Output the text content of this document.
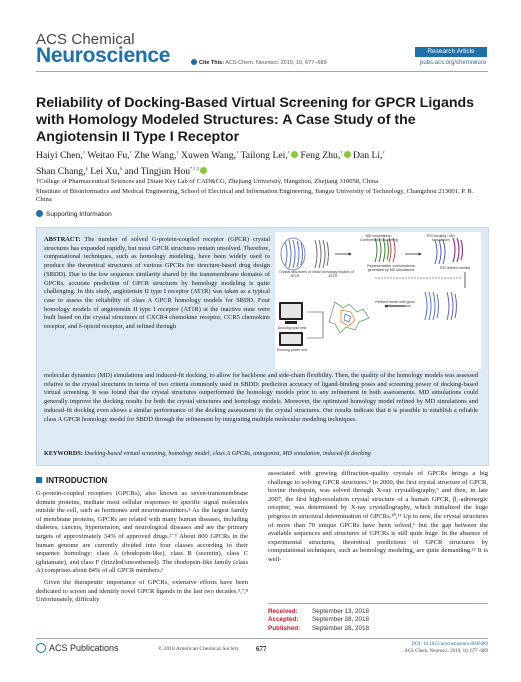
ACS Chemical
Neuroscience	Cite This: ACS Chem. Neurosci. 2019, 10, 677−689
Research Article
pubs.acs.org/chemneuro
Reliability of Docking-Based Virtual Screening for GPCR Ligands with Homology Modeled Structures: A Case Study of the Angiotensin II Type I Receptor
Haiyi Chen,† Weitao Fu,† Zhe Wang,† Xuwen Wang,† Tailong Lei,† Feng Zhu,† Dan Li,†
Shan Chang,§ Lei Xu,§ and Tingjun Hou*,†,‡

†College of Pharmaceutical Sciences and ‡State Key Lab of CAD&CG, Zhejiang University, Hangzhou, Zhejiang 310058, China

§Institute of Bioinformatics and Medical Engineering, School of Electrical and Information Engineering, Jiangsu University of Technology, Changzhou 213001, P. R. China

Supporting Information
ABSTRACT: The number of solved G-protein-coupled receptor (GPCR) crystal structures has expanded rapidly, but most GPCR structures remain unsolved. Therefore, computational techniques, such as homology modeling, have been widely used to produce the theoretical structures of various GPCRs for structure-based drug design (SBDD). Due to the low sequence similarity shared by the transmembrane domains of GPCRs, accurate prediction of GPCR structures by homology modeling is quite challenging. In this study, angiotensin II type I receptor (AT1R) was taken as a typical case to assess the reliability of class A GPCR homology models for SBDD. Four homology models of angiotensin II type I receptor (AT1R) at the inactive state were built based on the crystal structures of CXCR4 chemokine receptor, CCR5 chemokine receptor, and δ-opioid receptor, and refined through
Crystal structures of AT1R
Initial homology models of AT1R
MD simulations / Conformation clustering
IFD docking / MD simulations
Representative conformations generated by MD simulations	IFD refined models
Refined model with good performance
Docking pose test
Docking power test
molecular dynamics (MD) simulations and induced-fit docking, to allow for backbone and side-chain flexibility. Then, the quality of the homology models was assessed relative to the crystal structures in terms of two criteria commonly used in SBDD: prediction accuracy of ligand-binding poses and screening power of docking-based virtual screening. It was found that the crystal structures outperformed the homology models prior to any refinement in both assessments. MD simulations could generally improve the docking results for both the crystal structures and homology models. Moreover, the optimized homology model refined by MD simulations and induced-fit docking even shows a similar performance of the docking assessment to the crystal structures. Our results indicate that it is possible to establish a reliable class A GPCR homology model for SBDD through the refinement by integrating multiple molecular modeling techniques.
KEYWORDS: Docking-based virtual screening, homology model, class A GPCRs, antagonist, MD simulation, induced-fit docking
INTRODUCTION

G-protein-coupled receptors (GPCRs), also known as seven-transmembrane domain proteins, mediate most cellular responses to specific signal molecules outside the cell, such as hormones and neurotransmitters.¹ As the largest family of membrane proteins, GPCRs are related with many human diseases, including diabetes, cancers, hypertension, and neurological diseases and are the primary targets of approximately 34% of approved drugs.²⁻⁵ About 800 GPCRs in the human genome are currently divided into four classes according to their sequence homology: class A (rhodopsin-like), class B (secretin), class C (glutamate), and class F (frizzled/smoothened). The rhodopsin-like family (class A) comprises about 84% of all GPCR members.⁶

Given the therapeutic importance of GPCRs, extensive efforts have been dedicated to screen and identify novel GPCR ligands in the last two decades.⁵,⁷,⁸ Unfortunately, difficulty

associated with growing diffraction-quality crystals of GPCRs brings a big challenge to solving GPCR structures.⁹ In 2000, the first crystal structure of GPCR, bovine rhodopsin, was solved through X-ray crystallography,⁹ and then, in late 2007, the first high-resolution crystal structure of a human GPCR, β₂-adrenergic receptor, was determined by X-ray crystallography, which initialized the huge progress in structural determination of GPCRs.¹⁰,¹¹ Up to now, the crystal structures of more than 70 unique GPCRs have been solved,⁶ but the gap between the available sequences and structures of GPCRs is still quite huge. In the absence of experimental structures, theoretical predictions of GPCR structures by computational techniques, such as homology modeling, are quite demanding.¹² It is well-

Received: September 13, 2018
Accepted: September 28, 2018
Published: September 28, 2018
ACS Publications	© 2018 American Chemical Society 677
DOI: 10.1021/acschemneuro.8b00489
ACS Chem. Neurosci. 2019, 10, 677−689
